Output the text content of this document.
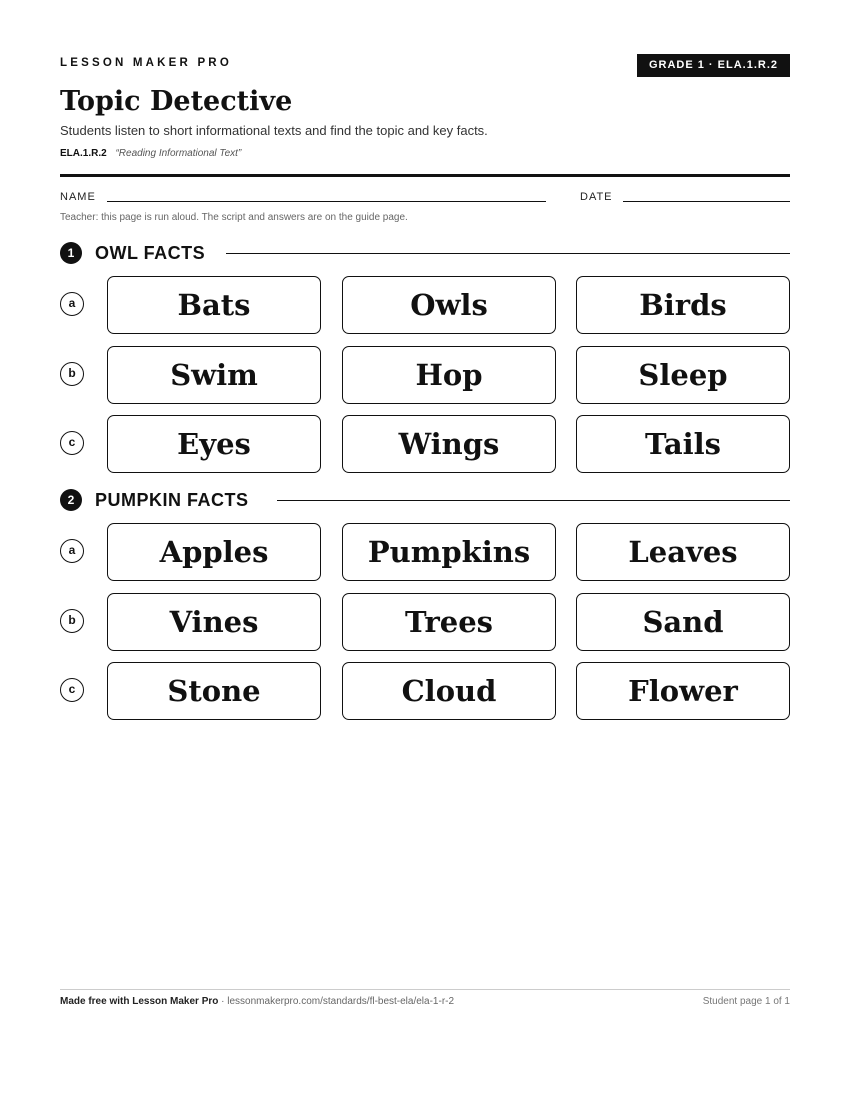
LESSON MAKER PRO	GRADE 1 · ELA.1.R.2
Topic Detective
Students listen to short informational texts and find the topic and key facts.
ELA.1.R.2 “Reading Informational Text”
NAME	DATE
Teacher: this page is run aloud. The script and answers are on the guide page.
1	OWL FACTS
a	Bats	Owls	Birds
b	Swim	Hop	Sleep
c	Eyes	Wings	Tails
2	PUMPKIN FACTS
a	Apples	Pumpkins	Leaves
b	Vines	Trees	Sand
c	Stone	Cloud	Flower
Made free with Lesson Maker Pro · lessonmakerpro.com/standards/fl-best-ela/ela-1-r-2	Student page 1 of 1
